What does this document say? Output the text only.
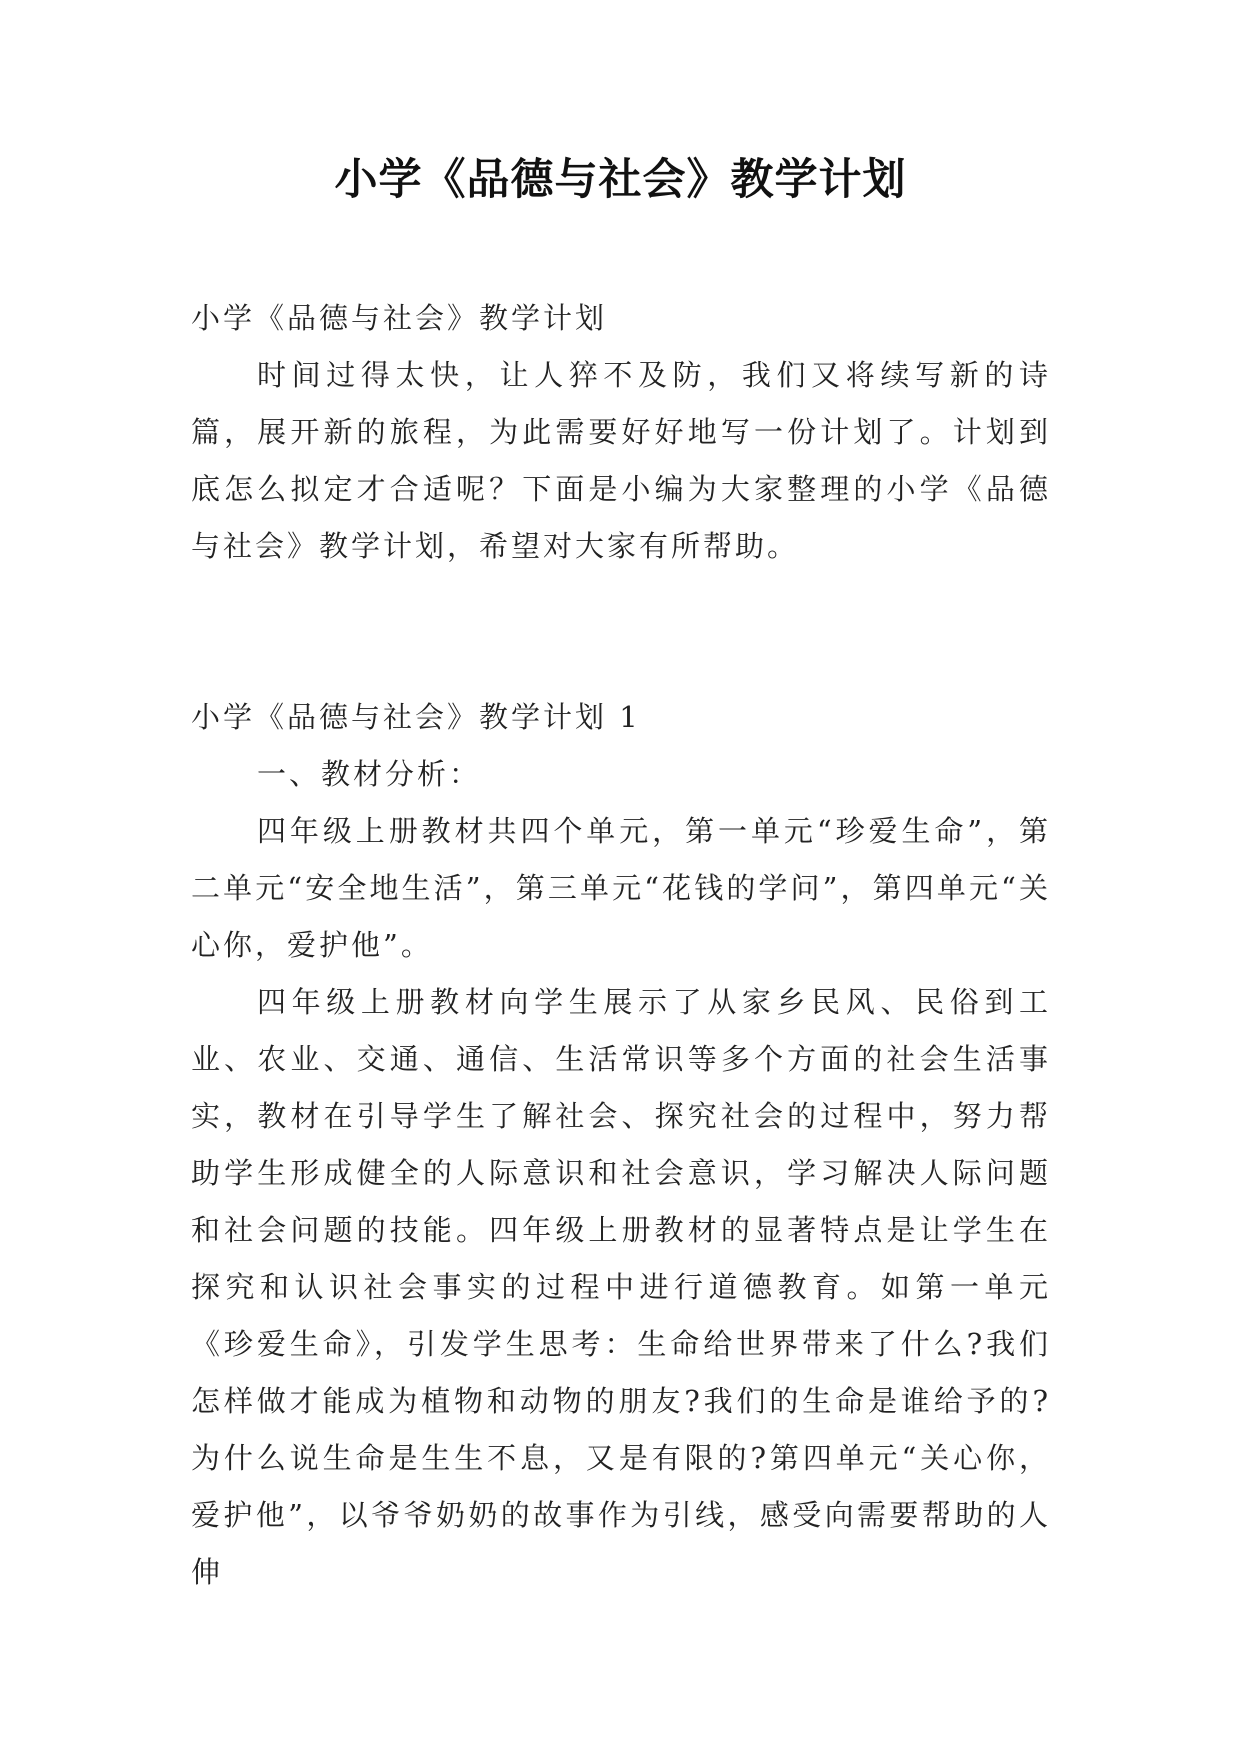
小学《品德与社会》教学计划

小学《品德与社会》教学计划

时间过得太快，让人猝不及防，我们又将续写新的诗篇，展开新的旅程，为此需要好好地写一份计划了。计划到底怎么拟定才合适呢？下面是小编为大家整理的小学《品德与社会》教学计划，希望对大家有所帮助。

小学《品德与社会》教学计划 1

一、教材分析：

四年级上册教材共四个单元，第一单元“珍爱生命”，第二单元“安全地生活”，第三单元“花钱的学问”，第四单元“关心你，爱护他”。

四年级上册教材向学生展示了从家乡民风、民俗到工业、农业、交通、通信、生活常识等多个方面的社会生活事实，教材在引导学生了解社会、探究社会的过程中，努力帮助学生形成健全的人际意识和社会意识，学习解决人际问题和社会问题的技能。四年级上册教材的显著特点是让学生在探究和认识社会事实的过程中进行道德教育。如第一单元《珍爱生命》，引发学生思考：生命给世界带来了什么?我们怎样做才能成为植物和动物的朋友?我们的生命是谁给予的?为什么说生命是生生不息，又是有限的?第四单元“关心你，爱护他”，以爷爷奶奶的故事作为引线，感受向需要帮助的人伸
